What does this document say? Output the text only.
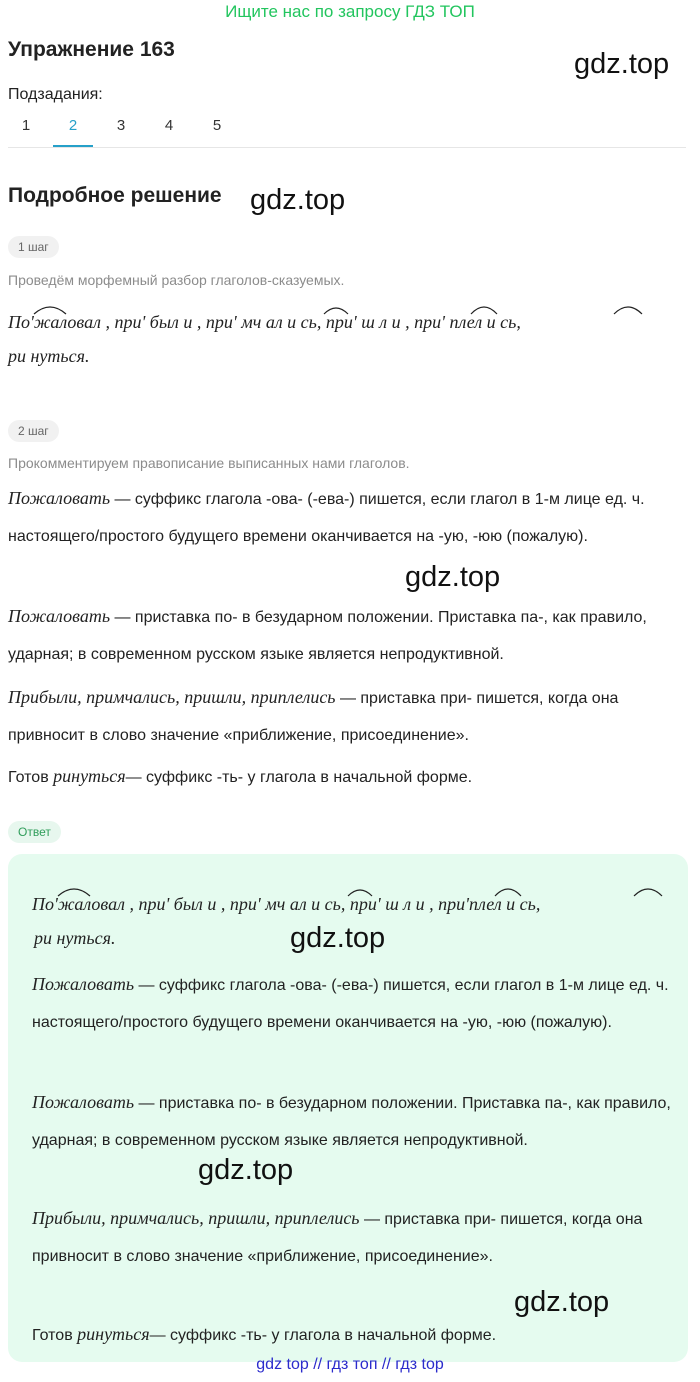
Ищите нас по запросу ГДЗ ТОП
Упражнение 163	gdz.top
Подзадания:
1	2	3	4	5
Подробное решение gdz.top
1 шаг
Проведём морфемный разбор глаголов-сказуемых.
По'жаловал , при' был и , при' мч ал и сь, при' ш л и , при' плел и сь,
ри нуться.
2 шаг
Прокомментируем правописание выписанных нами глаголов.
Пожаловать — суффикс глагола -ова- (-ева-) пишется, если глагол в 1-м лице ед. ч. настоящего/простого будущего времени оканчивается на -ую, -юю (пожалую).
gdz.top
Пожаловать — приставка по- в безударном положении. Приставка па-, как правило, ударная; в современном русском языке является непродуктивной.
Прибыли, примчались, пришли, приплелись — приставка при- пишется, когда она привносит в слово значение «приближение, присоединение».
Готов ринуться— суффикс -ть- у глагола в начальной форме.
Ответ
По'жаловал , при' был и , при' мч ал и сь, при' ш л и , при'плел и сь,
ри нуться.	gdz.top
Пожаловать — суффикс глагола -ова- (-ева-) пишется, если глагол в 1-м лице ед. ч. настоящего/простого будущего времени оканчивается на -ую, -юю (пожалую).
Пожаловать — приставка по- в безударном положении. Приставка па-, как правило, ударная; в современном русском языке является непродуктивной.
gdz.top
Прибыли, примчались, пришли, приплелись — приставка при- пишется, когда она привносит в слово значение «приближение, присоединение».
gdz.top
Готов ринуться— суффикс -ть- у глагола в начальной форме.
gdz top // гдз топ // гдз top
